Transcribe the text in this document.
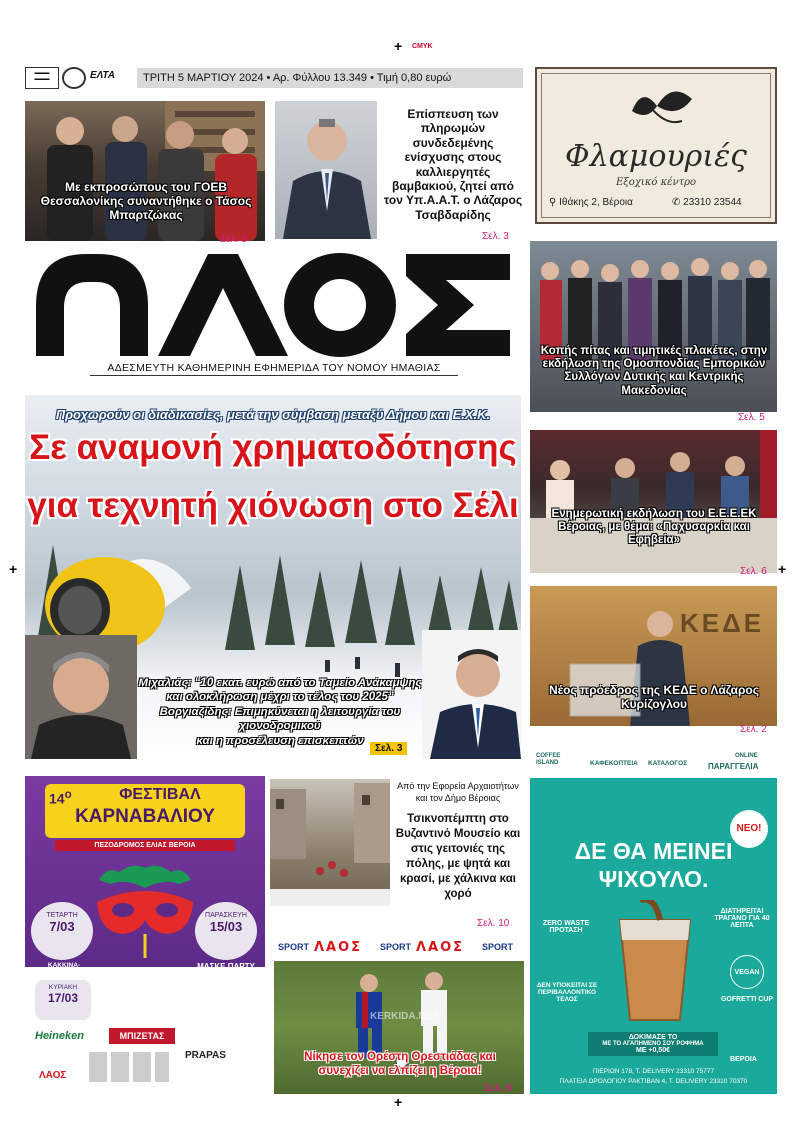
+ CMYK
+	+
+
▬▬▬
▬▬▬	ΕΛΤΑ	ΤΡΙΤΗ 5 ΜΑΡΤΙΟΥ 2024 • Αρ. Φύλλου 13.349 • Τιμή 0,80 ευρώ
Με εκπροσώπους του ΓΟΕΒ Θεσσαλονίκης συναντήθηκε ο Τάσος Μπαρτζώκας
Σελ. 3
Επίσπευση των πληρωμών συνδεδεμένης ενίσχυσης στους καλλιεργητές βαμβακιού, ζητεί από τον Υπ.Α.Α.Τ. ο Λάζαρος Τσαβδαρίδης
Σελ. 3
Φλαμουριές
Εξοχικό κέντρο
⚲ Ιθάκης 2, Βέροια	✆ 23310 23544
ΑΔΕΣΜΕΥΤΗ ΚΑΘΗΜΕΡΙΝΗ ΕΦΗΜΕΡΙΔΑ ΤΟΥ ΝΟΜΟΥ ΗΜΑΘΙΑΣ
Κοπής πίτας και τιμητικές πλακέτες, στην εκδήλωση της Ομοσπονδίας Εμπορικών Συλλόγων Δυτικής και Κεντρικής Μακεδονίας
Σελ. 5
Ενημερωτική εκδήλωση του Ε.Ε.Ε.ΕΚ Βέροιας, με θέμα: «Παχυσαρκία και Εφηβεία»
Σελ. 6
ΚΕΔΕ
Νέος πρόεδρος της ΚΕΔΕ ο Λάζαρος Κυρίζογλου
Σελ. 2
Προχωρούν οι διαδικασίες, μετά την σύμβαση μεταξύ Δήμου και Ε.Χ.Κ.
Σε αναμονή χρηματοδότησης
για τεχνητή χιόνωση στο Σέλι
Μιχαλιάς: “10 εκατ. ευρώ από το Ταμείο Ανάκαμψης
και ολοκλήρωση μέχρι το τέλος του 2025”
Βοργιαζίδης: Επιμηκύνεται η λειτουργία του χιονοδρομικού
και η προσέλευση επισκεπτών
Σελ. 3
$14^o$	ΦΕΣΤΙΒΑΛ
ΚΑΡΝΑΒΑΛΙΟΥ
ΠΕΖΟΔΡΟΜΟΣ ΕΛΙΑΣ ΒΕΡΟΙΑ
ΤΕΤΑΡΤΗ
7/03
ΚΑΚΚΙΝΑ-ΨΕΙΣΙΜΑΤΑ
ΠΑΡΑΣΚΕΥΗ
15/03
ΜΑΣΚΕ ΠΑΡΤΥ
ΚΥΡΙΑΚΗ
17/03
ΖΑΛΙΚΑ-ΨΗΣΙΜΑΤΑ & ΓΙΟΡΤΗ ΜΟΙΡΑΣ
Heineken	ΜΠΙΖΕΤΑΣ
PRAPAS
ΛΑΟΣ
Από την Εφορεία Αρχαιοτήτων και τον Δήμο Βέροιας
Τσικνοπέμπτη στο Βυζαντινό Μουσείο και στις γειτονιές της πόλης, με ψητά και κρασί, με χάλκινα και χορό
Σελ. 10
SPORT ΛΑΟΣ SPORT ΛΑΟΣ SPORT
KERKIDA.NET
Νίκησε τον Ορέστη Ορεστιάδας και συνεχίζει να ελπίζει η Βέροια!
Σελ. 8
COFFEE ISLAND	ΚΑΦΕΚΟΠΤΕΙΑ ΚΑΤΑΛΟΓΟΣ
ONLINE
ΠΑΡΑΓΓΕΛΙΑ
ΝΕΟ!
ΔΕ ΘΑ ΜΕΙΝΕΙ
ΨΙΧΟΥΛΟ.
ZERO WASTE ΠΡΟΤΑΣΗ
ΔΙΑΤΗΡΕΙΤΑΙ ΤΡΑΓΑΝΟ ΓΙΑ 40 ΛΕΠΤΑ
VEGAN
GOFRETTI CUP
ΔΕΝ ΥΠΟΚΕΙΤΑΙ ΣΕ ΠΕΡΙΒΑΛΛΟΝΤΙΚΟ ΤΕΛΟΣ
ΔΟΚΙΜΑΣΕ ΤΟ
ΜΕ ΤΟ ΑΓΑΠΗΜΕΝΟ ΣΟΥ ΡΟΦΗΜΑ
ΜΕ +0,50€
ΒΕΡΟΙΑ
ΠΙΕΡΙΩΝ 178, Τ. DELIVERY 23310 75777
ΠΛΑΤΕΙΑ ΩΡΟΛΟΓΙΟΥ ΡΑΚΤΙΒΑΝ 4, Τ. DELIVERY 23310 70370
